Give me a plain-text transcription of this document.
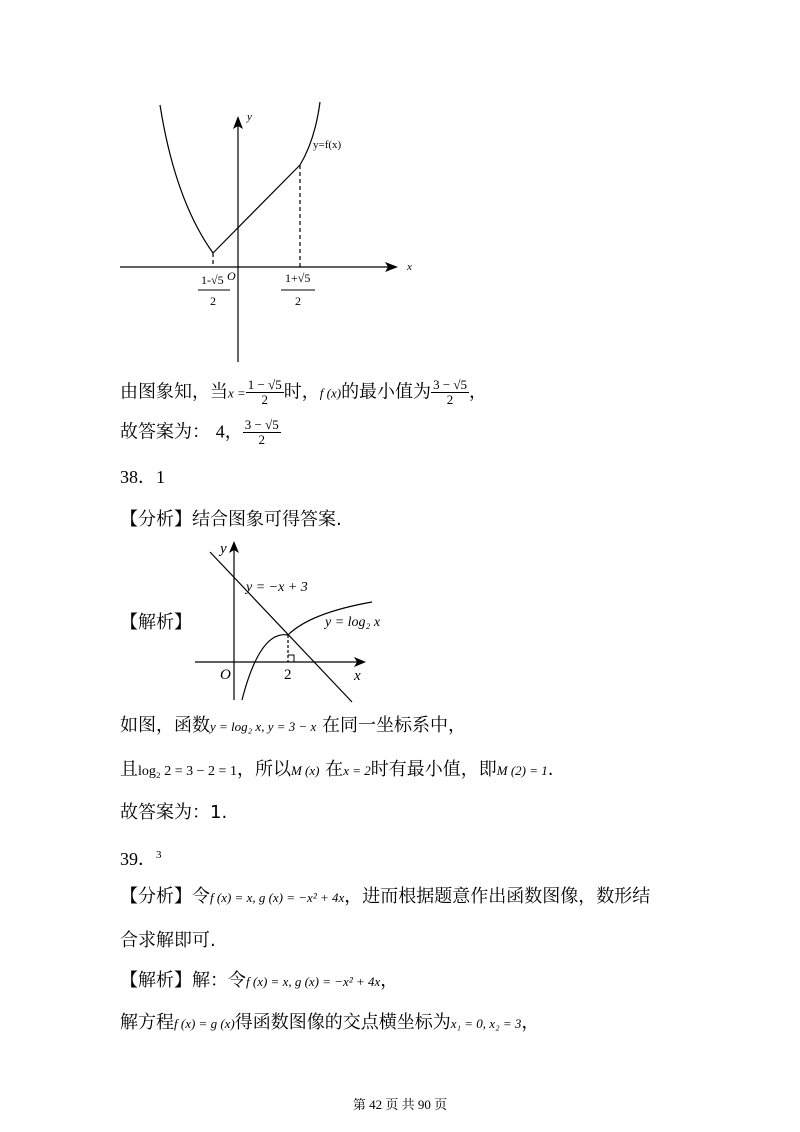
y
x
O
y=f(x)
1-√5
2
1+√5
2
由图象知，当$x = \frac{1 - √5}{2}$ 时，f (x)的最小值为 $\frac{3 - √5}{2}$ ，
故答案为： 4， $\frac{3 - √5}{2}$
38．1
【分析】结合图象可得答案.
【解析】
y
x
O	2
y = −x + 3
y = log₂ x
如图，函数y = log₂ x, y = 3 − x 在同一坐标系中，
且log₂ 2 = 3 − 2 = 1，所以M (x) 在x = 2时有最小值，即M (2) = 1.
故答案为：1.
39．$^3$
【分析】令f (x) = x, g (x) = −x² + 4x，进而根据题意作出函数图像，数形结
合求解即可.
【解析】解：令f (x) = x, g (x) = −x² + 4x，
解方程f (x) = g (x)得函数图像的交点横坐标为x₁ = 0, x₂ = 3，
第 42 页 共 90 页
